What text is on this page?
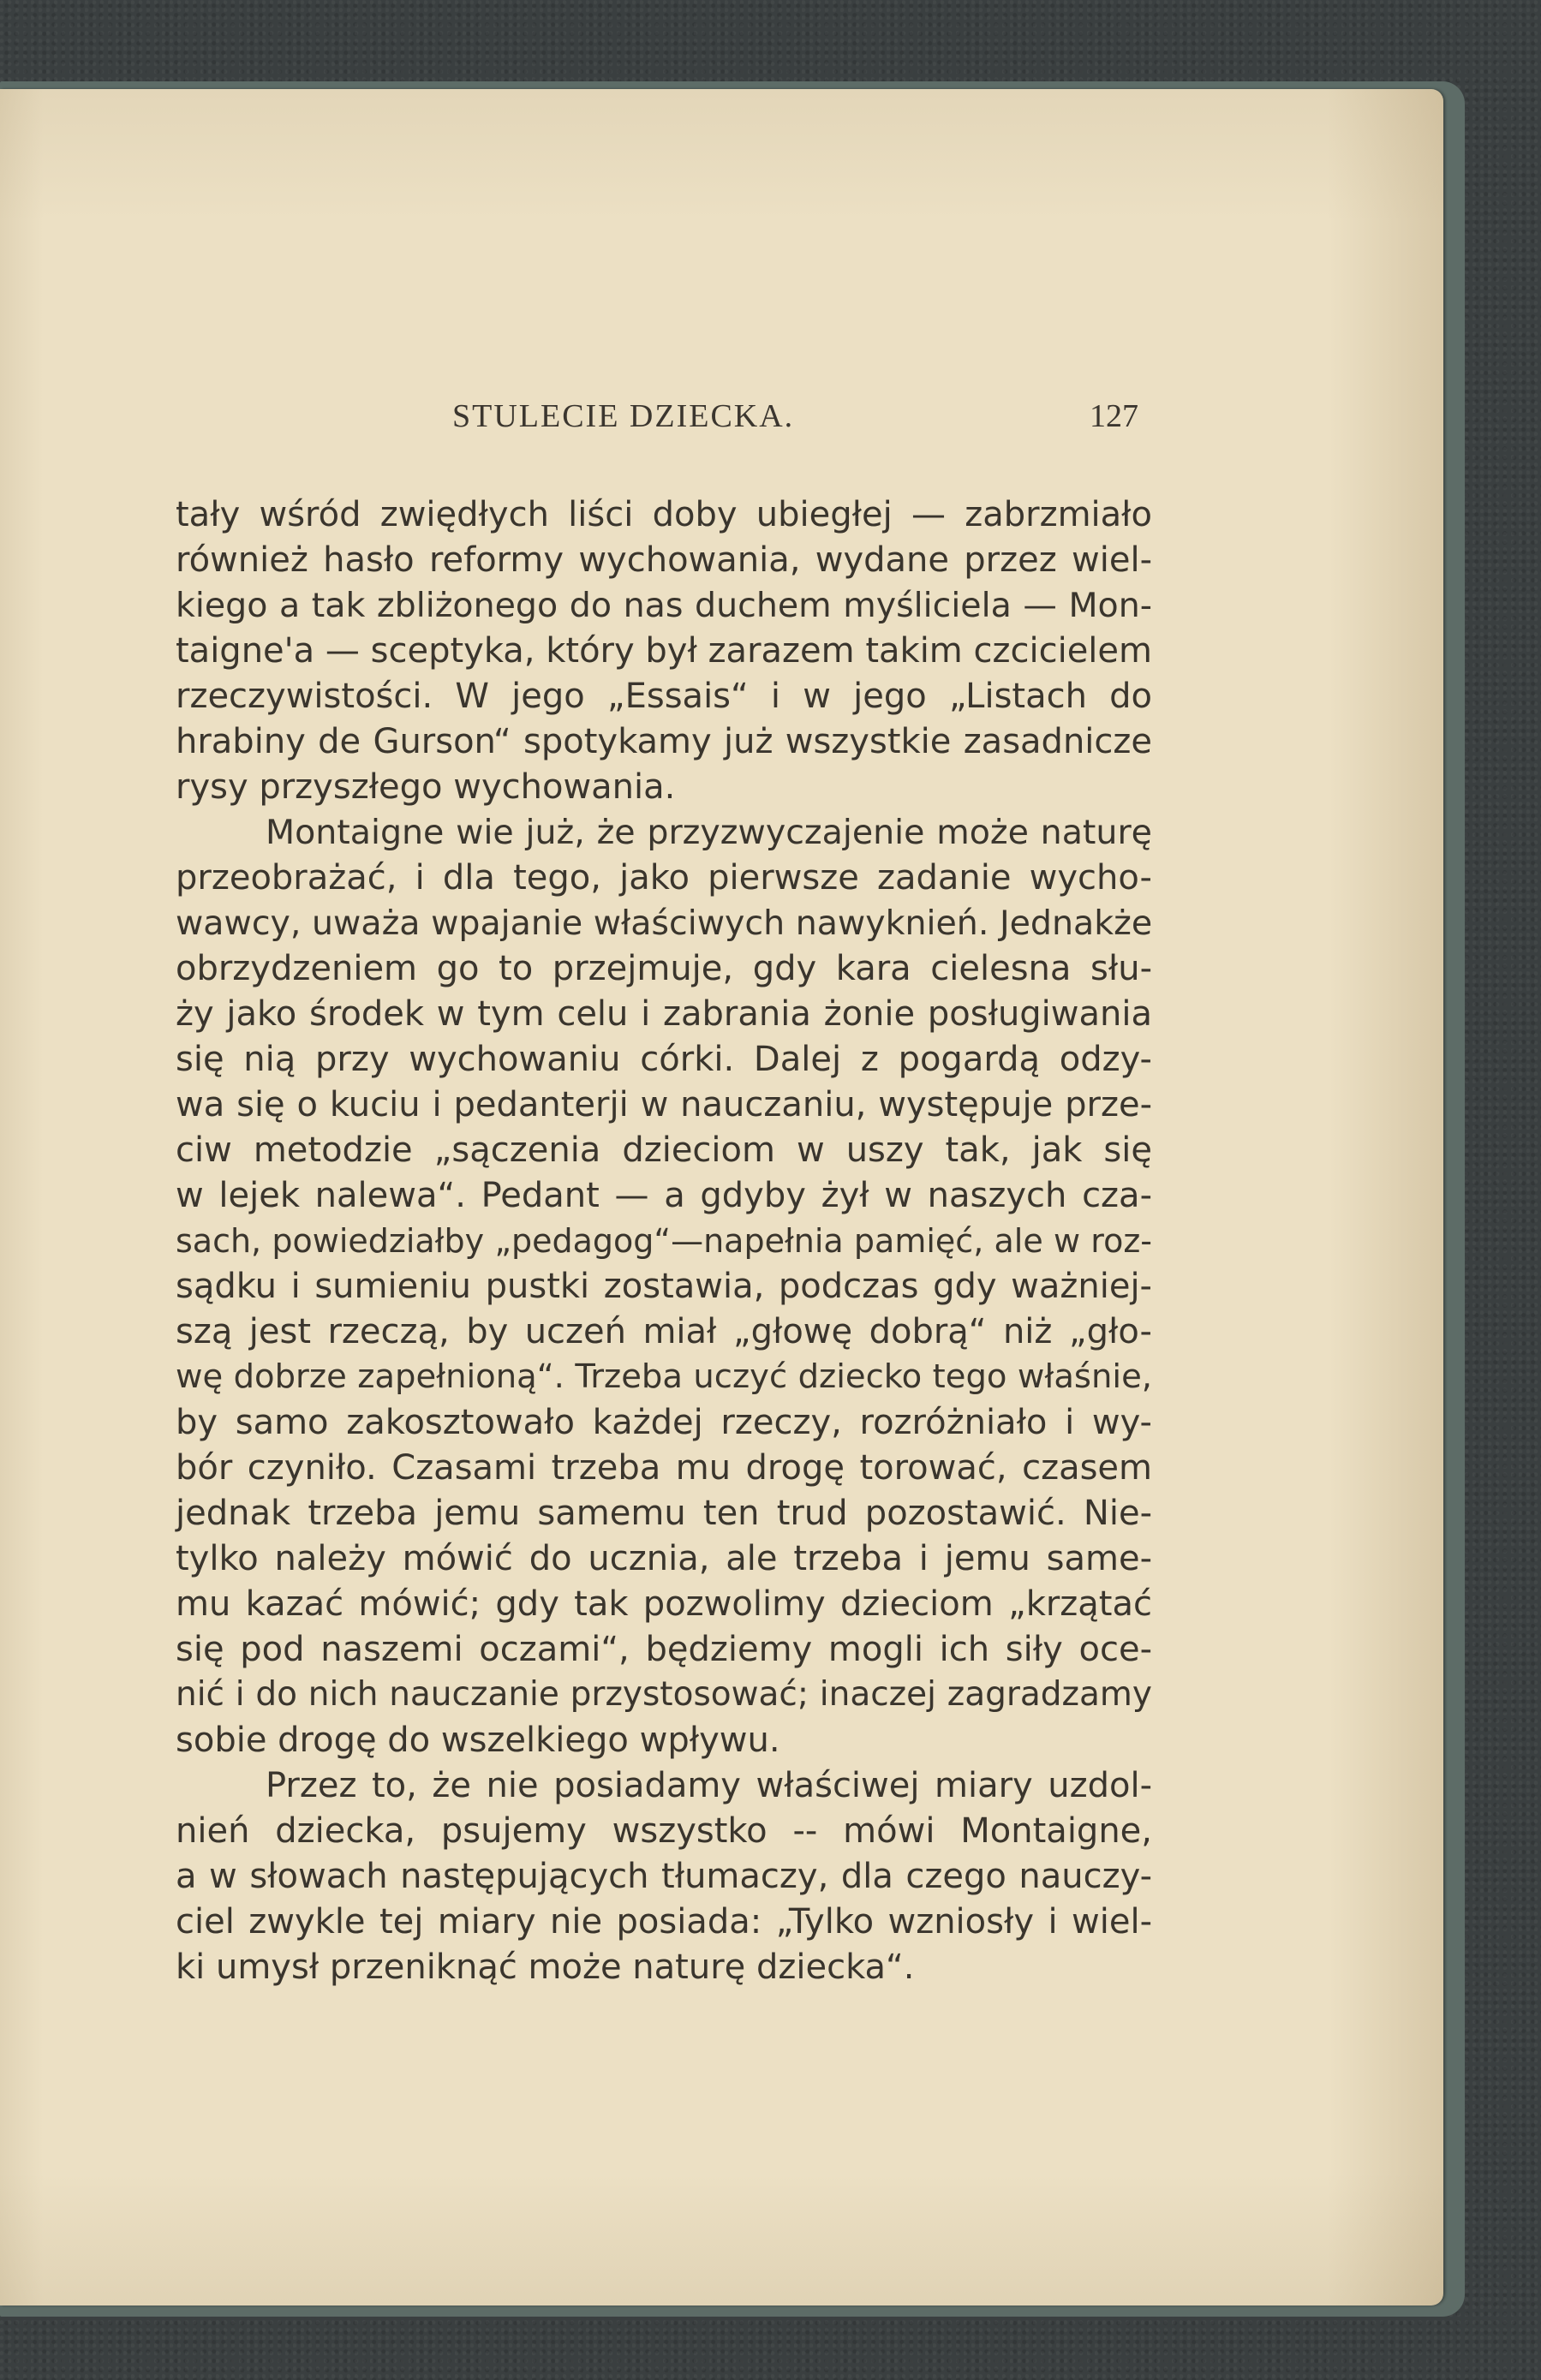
STULECIE DZIECKA.	127
tały wśród zwiędłych liści doby ubiegłej — zabrzmiało
również hasło reformy wychowania, wydane przez wiel-
kiego a tak zbliżonego do nas duchem myśliciela — Mon-
taigne'a — sceptyka, który był zarazem takim czcicielem
rzeczywistości. W jego „Essais“ i w jego „Listach do
hrabiny de Gurson“ spotykamy już wszystkie zasadnicze
rysy przyszłego wychowania.
Montaigne wie już, że przyzwyczajenie może naturę
przeobrażać, i dla tego, jako pierwsze zadanie wycho-
wawcy, uważa wpajanie właściwych nawyknień. Jednakże
obrzydzeniem go to przejmuje, gdy kara cielesna słu-
ży jako środek w tym celu i zabrania żonie posługiwania
się nią przy wychowaniu córki. Dalej z pogardą odzy-
wa się o kuciu i pedanterji w nauczaniu, występuje prze-
ciw metodzie „sączenia dzieciom w uszy tak, jak się
w lejek nalewa“. Pedant — a gdyby żył w naszych cza-
sach, powiedziałby „pedagog“—napełnia pamięć, ale w roz-
sądku i sumieniu pustki zostawia, podczas gdy ważniej-
szą jest rzeczą, by uczeń miał „głowę dobrą“ niż „gło-
wę dobrze zapełnioną“. Trzeba uczyć dziecko tego właśnie,
by samo zakosztowało każdej rzeczy, rozróżniało i wy-
bór czyniło. Czasami trzeba mu drogę torować, czasem
jednak trzeba jemu samemu ten trud pozostawić. Nie-
tylko należy mówić do ucznia, ale trzeba i jemu same-
mu kazać mówić; gdy tak pozwolimy dzieciom „krzątać
się pod naszemi oczami“, będziemy mogli ich siły oce-
nić i do nich nauczanie przystosować; inaczej zagradzamy
sobie drogę do wszelkiego wpływu.
Przez to, że nie posiadamy właściwej miary uzdol-
nień dziecka, psujemy wszystko -- mówi Montaigne,
a w słowach następujących tłumaczy, dla czego nauczy-
ciel zwykle tej miary nie posiada: „Tylko wzniosły i wiel-
ki umysł przeniknąć może naturę dziecka“.
